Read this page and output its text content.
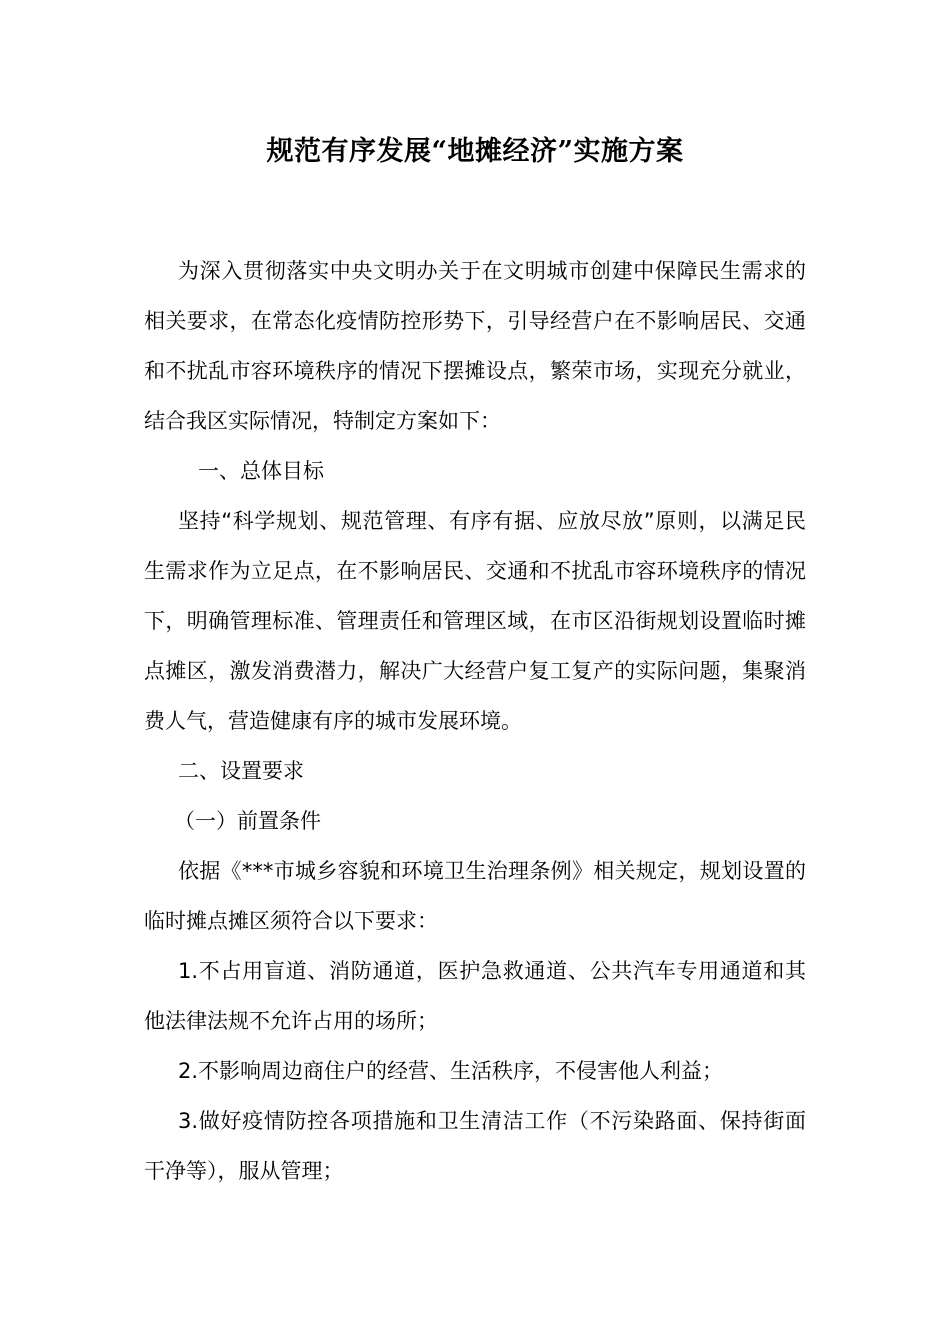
规范有序发展“地摊经济”实施方案

为深入贯彻落实中央文明办关于在文明城市创建中保障民生需求的相关要求，在常态化疫情防控形势下，引导经营户在不影响居民、交通和不扰乱市容环境秩序的情况下摆摊设点，繁荣市场，实现充分就业，结合我区实际情况，特制定方案如下：

一、总体目标

坚持“科学规划、规范管理、有序有据、应放尽放”原则，以满足民生需求作为立足点，在不影响居民、交通和不扰乱市容环境秩序的情况下，明确管理标准、管理责任和管理区域，在市区沿街规划设置临时摊点摊区，激发消费潜力，解决广大经营户复工复产的实际问题，集聚消费人气，营造健康有序的城市发展环境。

二、设置要求

（一）前置条件

依据《***市城乡容貌和环境卫生治理条例》相关规定，规划设置的临时摊点摊区须符合以下要求：

1.不占用盲道、消防通道，医护急救通道、公共汽车专用通道和其他法律法规不允许占用的场所；

2.不影响周边商住户的经营、生活秩序，不侵害他人利益；

3.做好疫情防控各项措施和卫生清洁工作（不污染路面、保持街面干净等），服从管理；
